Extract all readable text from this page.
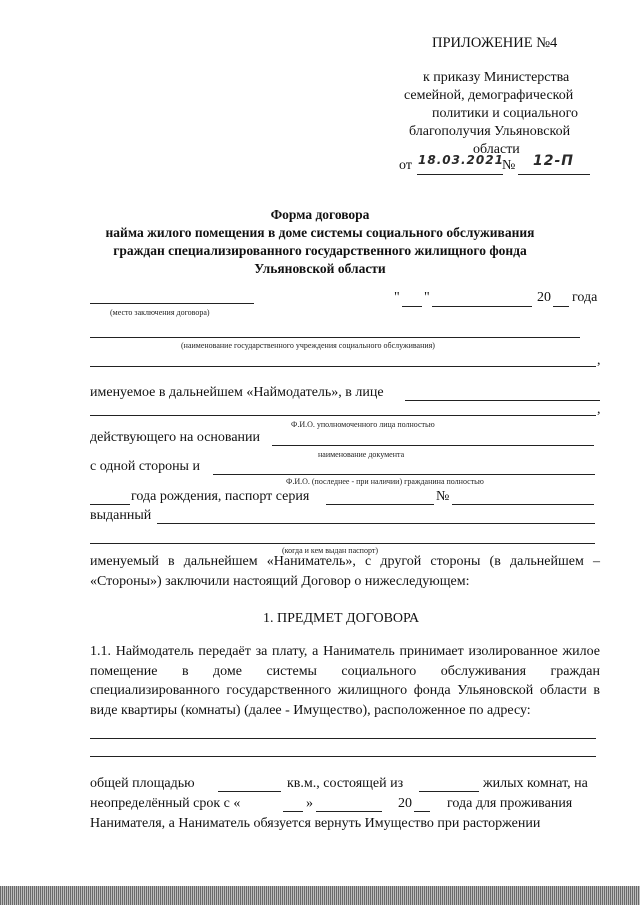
ПРИЛОЖЕНИЕ №4
к приказу Министерства
семейной, демографической
политики и социального
благополучия Ульяновской
области
от 18.03.2021
№ 12-П
Форма договора
найма жилого помещения в доме системы социального обслуживания
граждан специализированного государственного жилищного фонда
Ульяновской области
(место заключения договора)
" "	20 года
(наименование государственного учреждения социального обслуживания)
,
именуемое в дальнейшем «Наймодатель», в лице
,
Ф.И.О. уполномоченного лица полностью
действующего на основании
наименование документа
с одной стороны и
Ф.И.О. (последнее - при наличии) гражданина полностью
года рождения, паспорт серия	№
выданный
(когда и кем выдан паспорт)
именуемый в дальнейшем «Наниматель», с другой стороны (в дальнейшем – «Стороны») заключили настоящий Договор о нижеследующем:
1. ПРЕДМЕТ ДОГОВОРА
1.1. Наймодатель передаёт за плату, а Наниматель принимает изолированное жилое помещение в доме системы социального обслуживания граждан специализированного государственного жилищного фонда Ульяновской области в виде квартиры (комнаты) (далее - Имущество), расположенное по адресу:
общей площадью	кв.м., состоящей из	жилых комнат, на
неопределённый срок с «	»	20	года для проживания
Нанимателя, а Наниматель обязуется вернуть Имущество при расторжении
